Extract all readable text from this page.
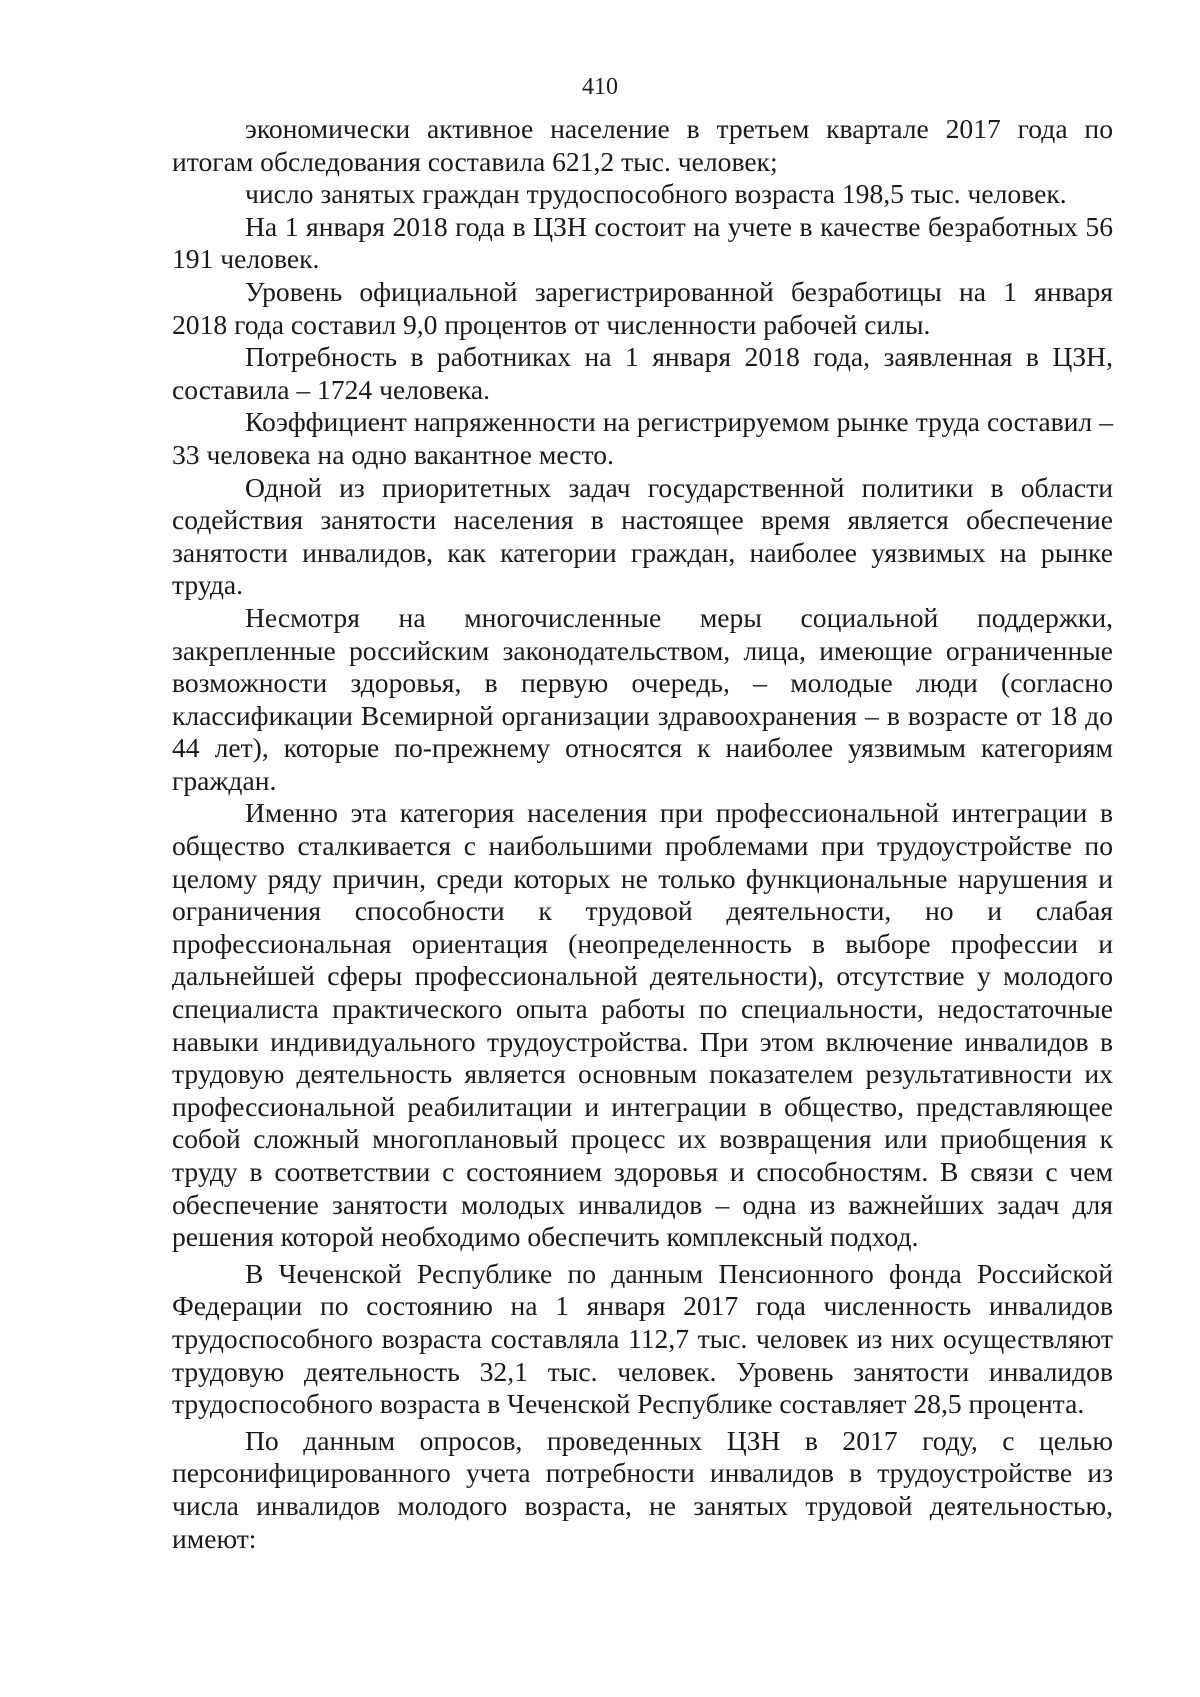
410

экономически активное население в третьем квартале 2017 года по итогам обследования составила 621,2 тыс. человек;

число занятых граждан трудоспособного возраста 198,5 тыс. человек.

На 1 января 2018 года в ЦЗН состоит на учете в качестве безработных 56 191 человек.

Уровень официальной зарегистрированной безработицы на 1 января 2018 года составил 9,0 процентов от численности рабочей силы.

Потребность в работниках на 1 января 2018 года, заявленная в ЦЗН, составила – 1724 человека.

Коэффициент напряженности на регистрируемом рынке труда составил – 33 человека на одно вакантное место.

Одной из приоритетных задач государственной политики в области содействия занятости населения в настоящее время является обеспечение занятости инвалидов, как категории граждан, наиболее уязвимых на рынке труда.

Несмотря на многочисленные меры социальной поддержки, закрепленные российским законодательством, лица, имеющие ограниченные возможности здоровья, в первую очередь, – молодые люди (согласно классификации Всемирной организации здравоохранения – в возрасте от 18 до 44 лет), которые по-прежнему относятся к наиболее уязвимым категориям граждан.

Именно эта категория населения при профессиональной интеграции в общество сталкивается с наибольшими проблемами при трудоустройстве по целому ряду причин, среди которых не только функциональные нарушения и ограничения способности к трудовой деятельности, но и слабая профессиональная ориентация (неопределенность в выборе профессии и дальнейшей сферы профессиональной деятельности), отсутствие у молодого специалиста практического опыта работы по специальности, недостаточные навыки индивидуального трудоустройства. При этом включение инвалидов в трудовую деятельность является основным показателем результативности их профессиональной реабилитации и интеграции в общество, представляющее собой сложный многоплановый процесс их возвращения или приобщения к труду в соответствии с состоянием здоровья и способностям. В связи с чем обеспечение занятости молодых инвалидов – одна из важнейших задач для решения которой необходимо обеспечить комплексный подход.

В Чеченской Республике по данным Пенсионного фонда Российской Федерации по состоянию на 1 января 2017 года численность инвалидов трудоспособного возраста составляла 112,7 тыс. человек из них осуществляют трудовую деятельность 32,1 тыс. человек. Уровень занятости инвалидов трудоспособного возраста в Чеченской Республике составляет 28,5 процента.

По данным опросов, проведенных ЦЗН в 2017 году, с целью персонифицированного учета потребности инвалидов в трудоустройстве из числа инвалидов молодого возраста, не занятых трудовой деятельностью, имеют:
